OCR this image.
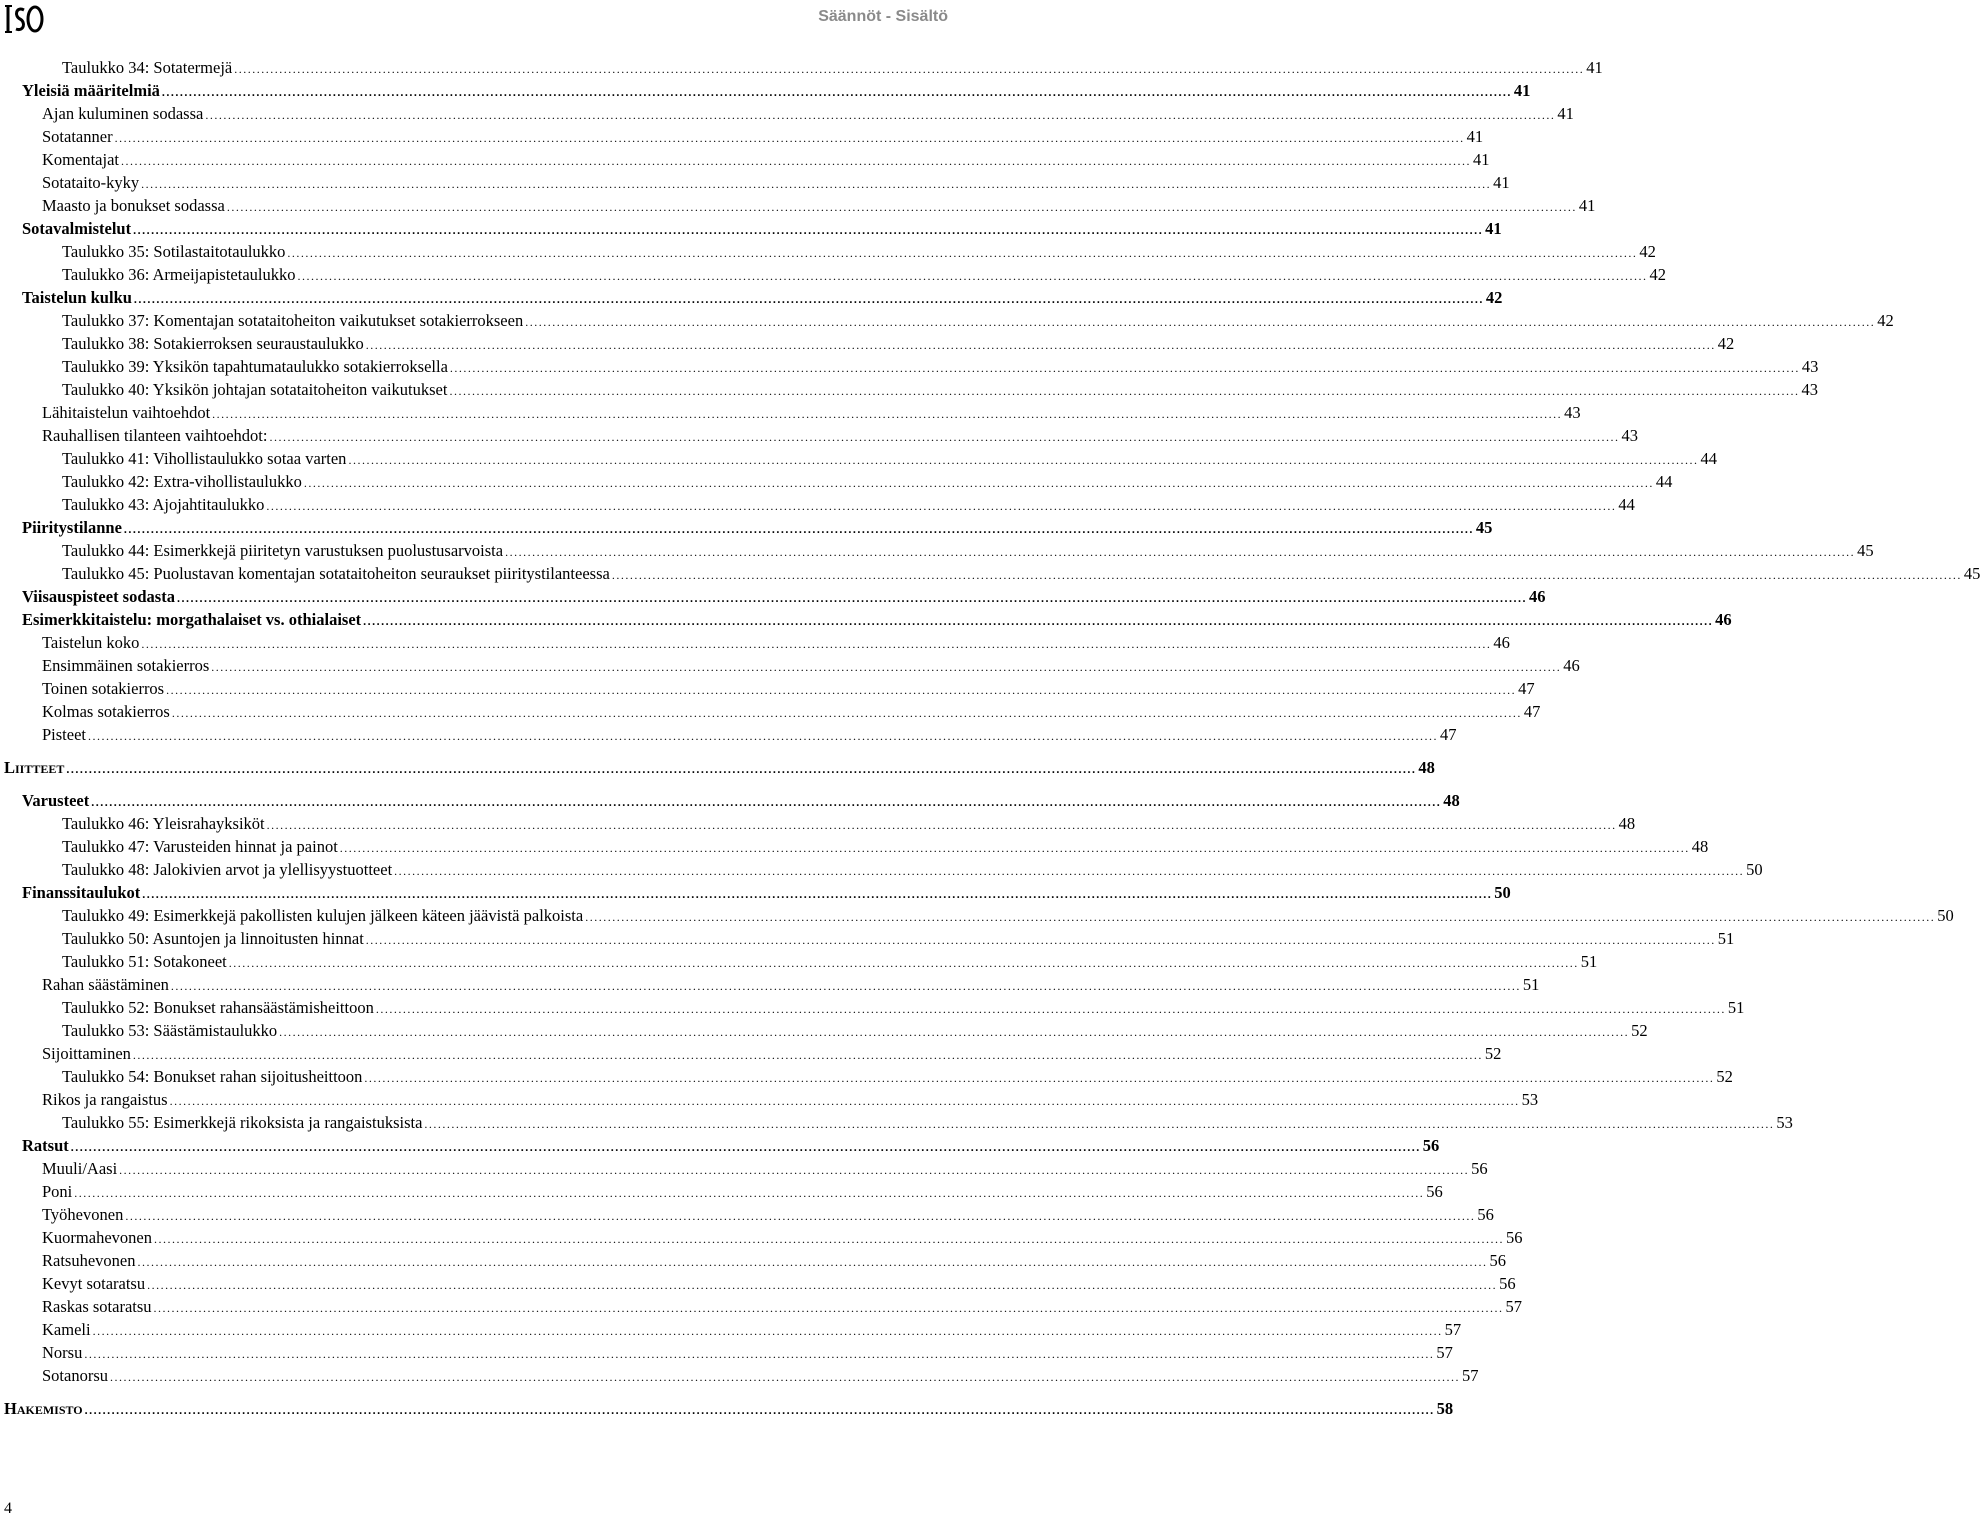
Säännöt - Sisältö
Taulukko 34: Sotatermejä ............................................................................................................................................................................................................................................................................................................ 41
Yleisiä määritelmiä ............................................................................................................................................................................................................................................................................................................ 41
Ajan kuluminen sodassa ............................................................................................................................................................................................................................................................................................................ 41
Sotatanner ............................................................................................................................................................................................................................................................................................................ 41
Komentajat ............................................................................................................................................................................................................................................................................................................ 41
Sotataito-kyky ............................................................................................................................................................................................................................................................................................................ 41
Maasto ja bonukset sodassa ............................................................................................................................................................................................................................................................................................................ 41
Sotavalmistelut ............................................................................................................................................................................................................................................................................................................ 41
Taulukko 35: Sotilastaitotaulukko ............................................................................................................................................................................................................................................................................................................ 42
Taulukko 36: Armeijapistetaulukko ............................................................................................................................................................................................................................................................................................................ 42
Taistelun kulku ............................................................................................................................................................................................................................................................................................................ 42
Taulukko 37: Komentajan sotataitoheiton vaikutukset sotakierrokseen ............................................................................................................................................................................................................................................................................................................ 42
Taulukko 38: Sotakierroksen seuraustaulukko ............................................................................................................................................................................................................................................................................................................ 42
Taulukko 39: Yksikön tapahtumataulukko sotakierroksella ............................................................................................................................................................................................................................................................................................................ 43
Taulukko 40: Yksikön johtajan sotataitoheiton vaikutukset ............................................................................................................................................................................................................................................................................................................ 43
Lähitaistelun vaihtoehdot ............................................................................................................................................................................................................................................................................................................ 43
Rauhallisen tilanteen vaihtoehdot: ............................................................................................................................................................................................................................................................................................................ 43
Taulukko 41: Vihollistaulukko sotaa varten ............................................................................................................................................................................................................................................................................................................ 44
Taulukko 42: Extra-vihollistaulukko ............................................................................................................................................................................................................................................................................................................ 44
Taulukko 43: Ajojahtitaulukko ............................................................................................................................................................................................................................................................................................................ 44
Piiritystilanne ............................................................................................................................................................................................................................................................................................................ 45
Taulukko 44: Esimerkkejä piiritetyn varustuksen puolustusarvoista ............................................................................................................................................................................................................................................................................................................ 45
Taulukko 45: Puolustavan komentajan sotataitoheiton seuraukset piiritystilanteessa ............................................................................................................................................................................................................................................................................................................ 45
Viisauspisteet sodasta ............................................................................................................................................................................................................................................................................................................ 46
Esimerkkitaistelu: morgathalaiset vs. othialaiset ............................................................................................................................................................................................................................................................................................................ 46
Taistelun koko ............................................................................................................................................................................................................................................................................................................ 46
Ensimmäinen sotakierros ............................................................................................................................................................................................................................................................................................................ 46
Toinen sotakierros ............................................................................................................................................................................................................................................................................................................ 47
Kolmas sotakierros ............................................................................................................................................................................................................................................................................................................ 47
Pisteet ............................................................................................................................................................................................................................................................................................................ 47
Liitteet ............................................................................................................................................................................................................................................................................................................ 48
Varusteet ............................................................................................................................................................................................................................................................................................................ 48
Taulukko 46: Yleisrahayksiköt ............................................................................................................................................................................................................................................................................................................ 48
Taulukko 47: Varusteiden hinnat ja painot ............................................................................................................................................................................................................................................................................................................ 48
Taulukko 48: Jalokivien arvot ja ylellisyystuotteet ............................................................................................................................................................................................................................................................................................................ 50
Finanssitaulukot ............................................................................................................................................................................................................................................................................................................ 50
Taulukko 49: Esimerkkejä pakollisten kulujen jälkeen käteen jäävistä palkoista ............................................................................................................................................................................................................................................................................................................ 50
Taulukko 50: Asuntojen ja linnoitusten hinnat ............................................................................................................................................................................................................................................................................................................ 51
Taulukko 51: Sotakoneet ............................................................................................................................................................................................................................................................................................................ 51
Rahan säästäminen ............................................................................................................................................................................................................................................................................................................ 51
Taulukko 52: Bonukset rahansäästämisheittoon ............................................................................................................................................................................................................................................................................................................ 51
Taulukko 53: Säästämistaulukko ............................................................................................................................................................................................................................................................................................................ 52
Sijoittaminen ............................................................................................................................................................................................................................................................................................................ 52
Taulukko 54: Bonukset rahan sijoitusheittoon ............................................................................................................................................................................................................................................................................................................ 52
Rikos ja rangaistus ............................................................................................................................................................................................................................................................................................................ 53
Taulukko 55: Esimerkkejä rikoksista ja rangaistuksista ............................................................................................................................................................................................................................................................................................................ 53
Ratsut ............................................................................................................................................................................................................................................................................................................ 56
Muuli/Aasi ............................................................................................................................................................................................................................................................................................................ 56
Poni ............................................................................................................................................................................................................................................................................................................ 56
Työhevonen ............................................................................................................................................................................................................................................................................................................ 56
Kuormahevonen ............................................................................................................................................................................................................................................................................................................ 56
Ratsuhevonen ............................................................................................................................................................................................................................................................................................................ 56
Kevyt sotaratsu ............................................................................................................................................................................................................................................................................................................ 56
Raskas sotaratsu ............................................................................................................................................................................................................................................................................................................ 57
Kameli ............................................................................................................................................................................................................................................................................................................ 57
Norsu ............................................................................................................................................................................................................................................................................................................ 57
Sotanorsu ............................................................................................................................................................................................................................................................................................................ 57
Hakemisto ............................................................................................................................................................................................................................................................................................................ 58
4
